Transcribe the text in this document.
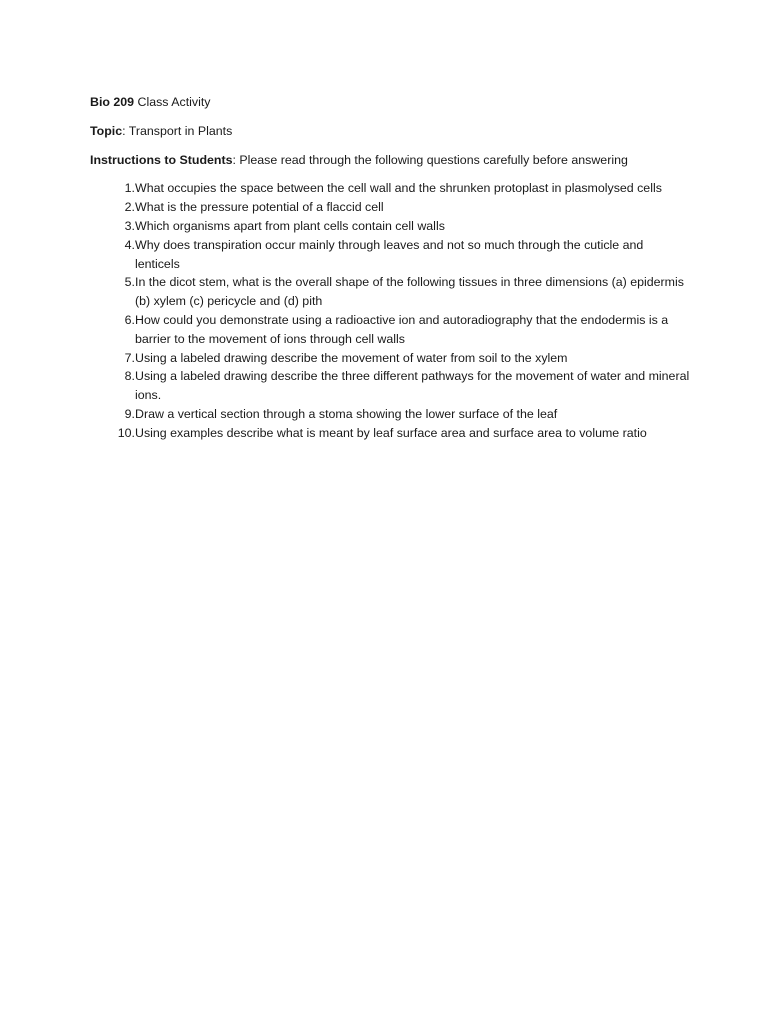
Bio 209 Class Activity

Topic: Transport in Plants

Instructions to Students: Please read through the following questions carefully before answering

1. What occupies the space between the cell wall and the shrunken protoplast in plasmolysed cells
2. What is the pressure potential of a flaccid cell
3. Which organisms apart from plant cells contain cell walls
4. Why does transpiration occur mainly through leaves and not so much through the cuticle and lenticels
5. In the dicot stem, what is the overall shape of the following tissues in three dimensions (a) epidermis (b) xylem (c) pericycle and (d) pith
6. How could you demonstrate using a radioactive ion and autoradiography that the endodermis is a barrier to the movement of ions through cell walls
7. Using a labeled drawing describe the movement of water from soil to the xylem
8. Using a labeled drawing describe the three different pathways for the movement of water and mineral ions.
9. Draw a vertical section through a stoma showing the lower surface of the leaf
10. Using examples describe what is meant by leaf surface area and surface area to volume ratio
